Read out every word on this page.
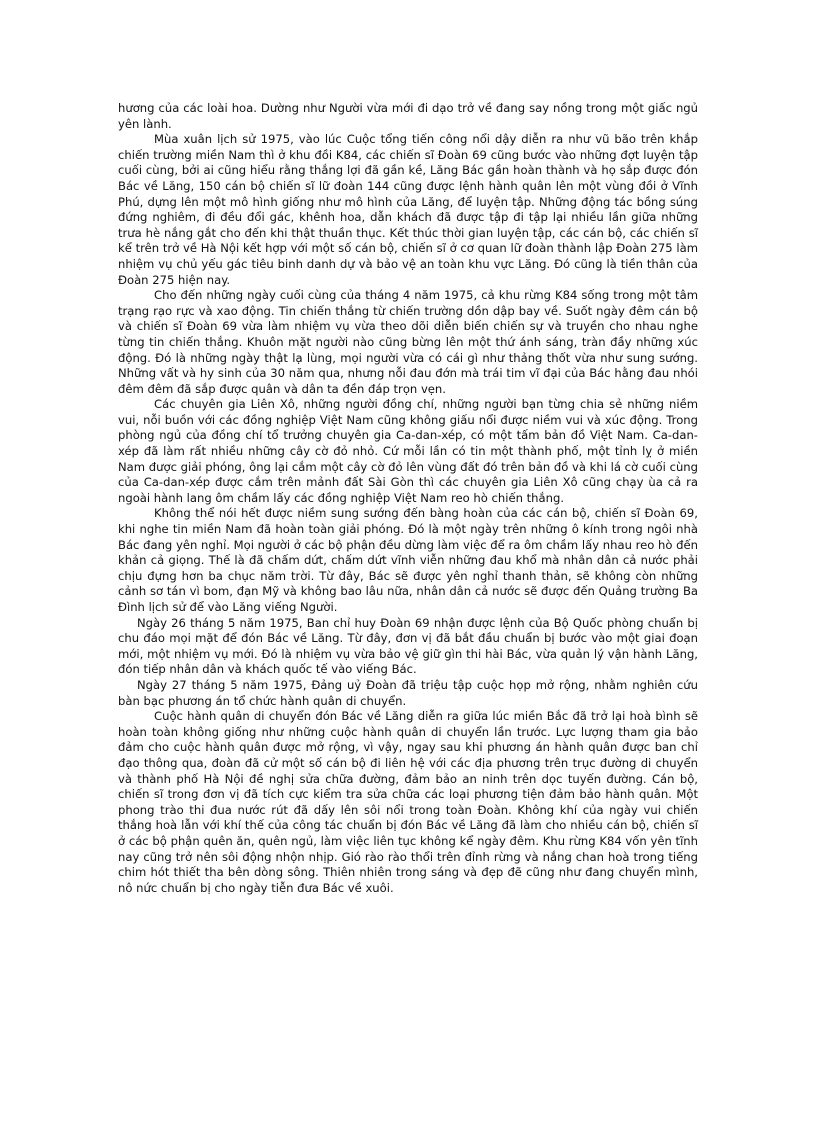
hương của các loài hoa. Dường như Người vừa mới đi dạo trở về đang say nồng trong một giấc ngủ yên lành.

Mùa xuân lịch sử 1975, vào lúc Cuộc tổng tiến công nổi dậy diễn ra như vũ bão trên khắp chiến trường miền Nam thì ở khu đồi K84, các chiến sĩ Đoàn 69 cũng bước vào những đợt luyện tập cuối cùng, bởi ai cũng hiểu rằng thắng lợi đã gần kề, Lăng Bác gần hoàn thành và họ sắp được đón Bác về Lăng, 150 cán bộ chiến sĩ lữ đoàn 144 cũng được lệnh hành quân lên một vùng đồi ở Vĩnh Phú, dựng lên một mô hình giống như mô hình của Lăng, để luyện tập. Những động tác bồng súng đứng nghiêm, đi đều đổi gác, khênh hoa, dẫn khách đã được tập đi tập lại nhiều lần giữa những trưa hè nắng gắt cho đến khi thật thuần thục. Kết thúc thời gian luyện tập, các cán bộ, các chiến sĩ kể trên trở về Hà Nội kết hợp với một số cán bộ, chiến sĩ ở cơ quan lữ đoàn thành lập Đoàn 275 làm nhiệm vụ chủ yếu gác tiêu binh danh dự và bảo vệ an toàn khu vực Lăng. Đó cũng là tiền thân của Đoàn 275 hiện nay.

Cho đến những ngày cuối cùng của tháng 4 năm 1975, cả khu rừng K84 sống trong một tâm trạng rạo rực và xao động. Tin chiến thắng từ chiến trường dồn dập bay về. Suốt ngày đêm cán bộ và chiến sĩ Đoàn 69 vừa làm nhiệm vụ vừa theo dõi diễn biến chiến sự và truyền cho nhau nghe từng tin chiến thắng. Khuôn mặt người nào cũng bừng lên một thứ ánh sáng, tràn đầy những xúc động. Đó là những ngày thật lạ lùng, mọi người vừa có cái gì như thảng thốt vừa như sung sướng. Những vất và hy sinh của 30 năm qua, nhưng nỗi đau đớn mà trái tim vĩ đại của Bác hằng đau nhói đêm đêm đã sắp được quân và dân ta đền đáp trọn vẹn.

Các chuyên gia Liên Xô, những người đồng chí, những người bạn từng chia sẻ những niềm vui, nỗi buồn với các đồng nghiệp Việt Nam cũng không giấu nổi được niềm vui và xúc động. Trong phòng ngủ của đồng chí tổ trưởng chuyên gia Ca-dan-xép, có một tấm bản đồ Việt Nam. Ca-dan-xép đã làm rất nhiều những cây cờ đỏ nhỏ. Cứ mỗi lần có tin một thành phố, một tỉnh lỵ ở miền Nam được giải phóng, ông lại cắm một cây cờ đỏ lên vùng đất đó trên bản đồ và khi lá cờ cuối cùng của Ca-dan-xép được cắm trên mảnh đất Sài Gòn thì các chuyên gia Liên Xô cũng chạy ùa cả ra ngoài hành lang ôm chầm lấy các đồng nghiệp Việt Nam reo hò chiến thắng.

Không thể nói hết được niềm sung sướng đến bàng hoàn của các cán bộ, chiến sĩ Đoàn 69, khi nghe tin miền Nam đã hoàn toàn giải phóng. Đó là một ngày trên những ô kính trong ngôi nhà Bác đang yên nghỉ. Mọi người ở các bộ phận đều dừng làm việc để ra ôm chầm lấy nhau reo hò đến khản cả giọng. Thế là đã chấm dứt, chấm dứt vĩnh viễn những đau khổ mà nhân dân cả nước phải chịu đựng hơn ba chục năm trời. Từ đây, Bác sẽ được yên nghỉ thanh thản, sẽ không còn những cảnh sơ tán vì bom, đạn Mỹ và không bao lâu nữa, nhân dân cả nước sẽ được đến Quảng trường Ba Đình lịch sử để vào Lăng viếng Người.

Ngày 26 tháng 5 năm 1975, Ban chỉ huy Đoàn 69 nhận được lệnh của Bộ Quốc phòng chuẩn bị chu đáo mọi mặt để đón Bác về Lăng. Từ đây, đơn vị đã bắt đầu chuẩn bị bước vào một giai đoạn mới, một nhiệm vụ mới. Đó là nhiệm vụ vừa bảo vệ giữ gìn thi hài Bác, vừa quản lý vận hành Lăng, đón tiếp nhân dân và khách quốc tế vào viếng Bác.

Ngày 27 tháng 5 năm 1975, Đảng uỷ Đoàn đã triệu tập cuộc họp mở rộng, nhằm nghiên cứu bàn bạc phương án tổ chức hành quân di chuyển.

Cuộc hành quân di chuyển đón Bác về Lăng diễn ra giữa lúc miền Bắc đã trở lại hoà bình sẽ hoàn toàn không giống như những cuộc hành quân di chuyển lần trước. Lực lượng tham gia bảo đảm cho cuộc hành quân được mở rộng, vì vậy, ngay sau khi phương án hành quân được ban chỉ đạo thông qua, đoàn đã cử một số cán bộ đi liên hệ với các địa phương trên trục đường di chuyển và thành phố Hà Nội đề nghị sửa chữa đường, đảm bảo an ninh trên dọc tuyến đường. Cán bộ, chiến sĩ trong đơn vị đã tích cực kiểm tra sửa chữa các loại phương tiện đảm bảo hành quân. Một phong trào thi đua nước rút đã dấy lên sôi nổi trong toàn Đoàn. Không khí của ngày vui chiến thắng hoà lẫn với khí thế của công tác chuẩn bị đón Bác về Lăng đã làm cho nhiều cán bộ, chiến sĩ ở các bộ phận quên ăn, quên ngủ, làm việc liên tục không kể ngày đêm. Khu rừng K84 vốn yên tĩnh nay cũng trở nên sôi động nhộn nhịp. Gió rào rào thổi trên đỉnh rừng và nắng chan hoà trong tiếng chim hót thiết tha bên dòng sông. Thiên nhiên trong sáng và đẹp đẽ cũng như đang chuyển mình, nô nức chuẩn bị cho ngày tiễn đưa Bác về xuôi.
